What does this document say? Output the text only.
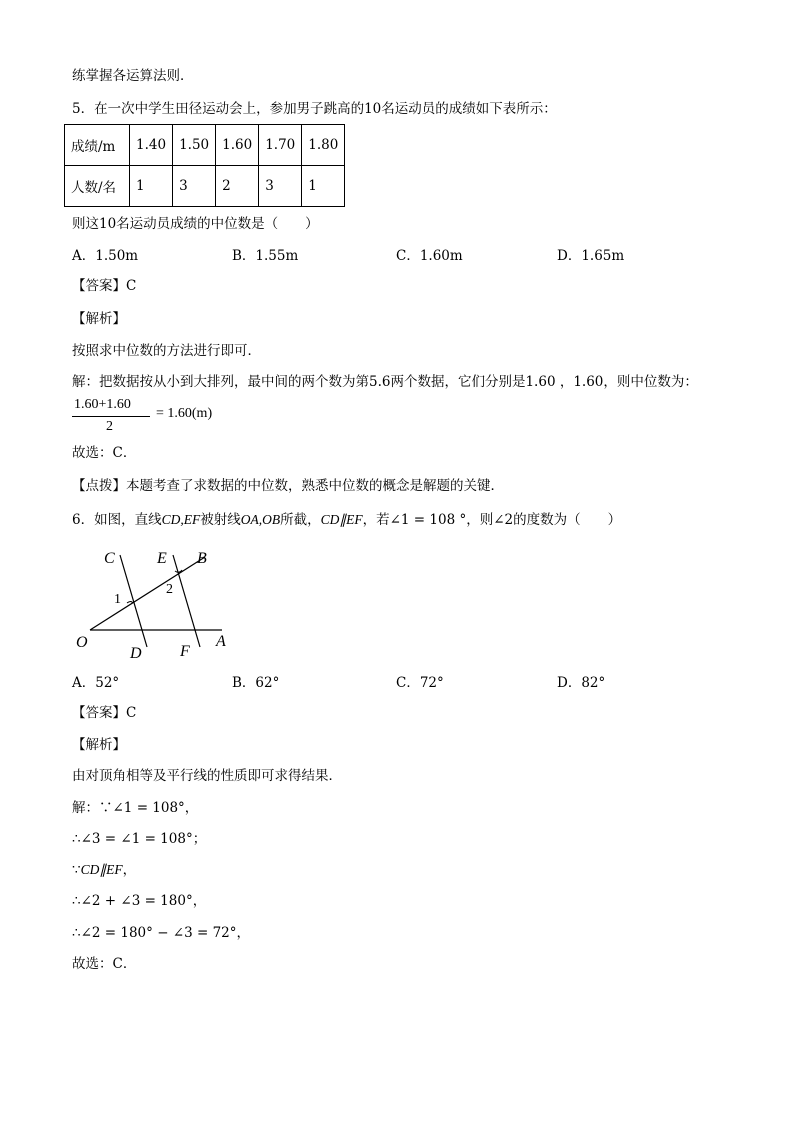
练掌握各运算法则．
5．在一次中学生田径运动会上，参加男子跳高的10名运动员的成绩如下表所示：
成绩/m	1.40	1.50	1.60	1.70	1.80
人数/名	1	3	2	3	1
则这10名运动员成绩的中位数是（　　）
A．1.50m	B．1.55m	C．1.60m	D．1.65m
【答案】C
【解析】
按照求中位数的方法进行即可．
解：把数据按从小到大排列，最中间的两个数为第5.6两个数据，它们分别是1.60 ，1.60，则中位数为：
1.60+1.60
2
= 1.60(m)
故选：C．
【点拨】本题考查了求数据的中位数，熟悉中位数的概念是解题的关键．
6．如图，直线CD,EF被射线OA,OB所截，CD∥EF，若∠1 = 108 °，则∠2的度数为（　　）
C	E B
1
2
O
D F
A
A．52°	B．62°	C．72°	D．82°
【答案】C
【解析】
由对顶角相等及平行线的性质即可求得结果．
解：∵∠1 = 108°，
∴∠3 = ∠1 = 108°；
∵CD∥EF，
∴∠2 + ∠3 = 180°，
∴∠2 = 180° − ∠3 = 72°，
故选：C．
